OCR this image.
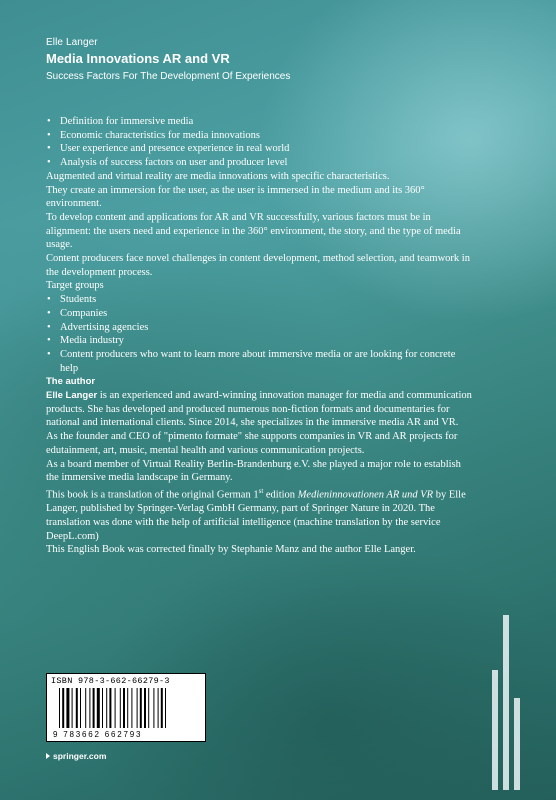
Elle Langer
Media Innovations AR and VR
Success Factors For The Development Of Experiences
• Definition for immersive media
• Economic characteristics for media innovations
• User experience and presence experience in real world
• Analysis of success factors on user and producer level

Augmented and virtual reality are media innovations with specific characteristics.

They create an immersion for the user, as the user is immersed in the medium and its 360° environment.

To develop content and applications for AR and VR successfully, various factors must be in alignment: the users need and experience in the 360° environment, the story, and the type of media usage.

Content producers face novel challenges in content development, method selection, and teamwork in the development process.

Target groups

• Students
• Companies
• Advertising agencies
• Media industry
• Content producers who want to learn more about immersive media or are looking for concrete help

The author

Elle Langer is an experienced and award-winning innovation manager for media and communication products. She has developed and produced numerous non-fiction formats and documentaries for national and international clients. Since 2014, she specializes in the immersive media AR and VR. As the founder and CEO of "pimento formate" she supports companies in VR and AR projects for edutainment, art, music, mental health and various communication projects.

As a board member of Virtual Reality Berlin-Brandenburg e.V. she played a major role to establish the immersive media landscape in Germany.

This book is a translation of the original German 1st edition Medieninnovationen AR und VR by Elle Langer, published by Springer-Verlag GmbH Germany, part of Springer Nature in 2020. The translation was done with the help of artificial intelligence (machine translation by the service DeepL.com)

This English Book was corrected finally by Stephanie Manz and the author Elle Langer.

ISBN 978-3-662-66279-3
9 783662 662793
springer.com
